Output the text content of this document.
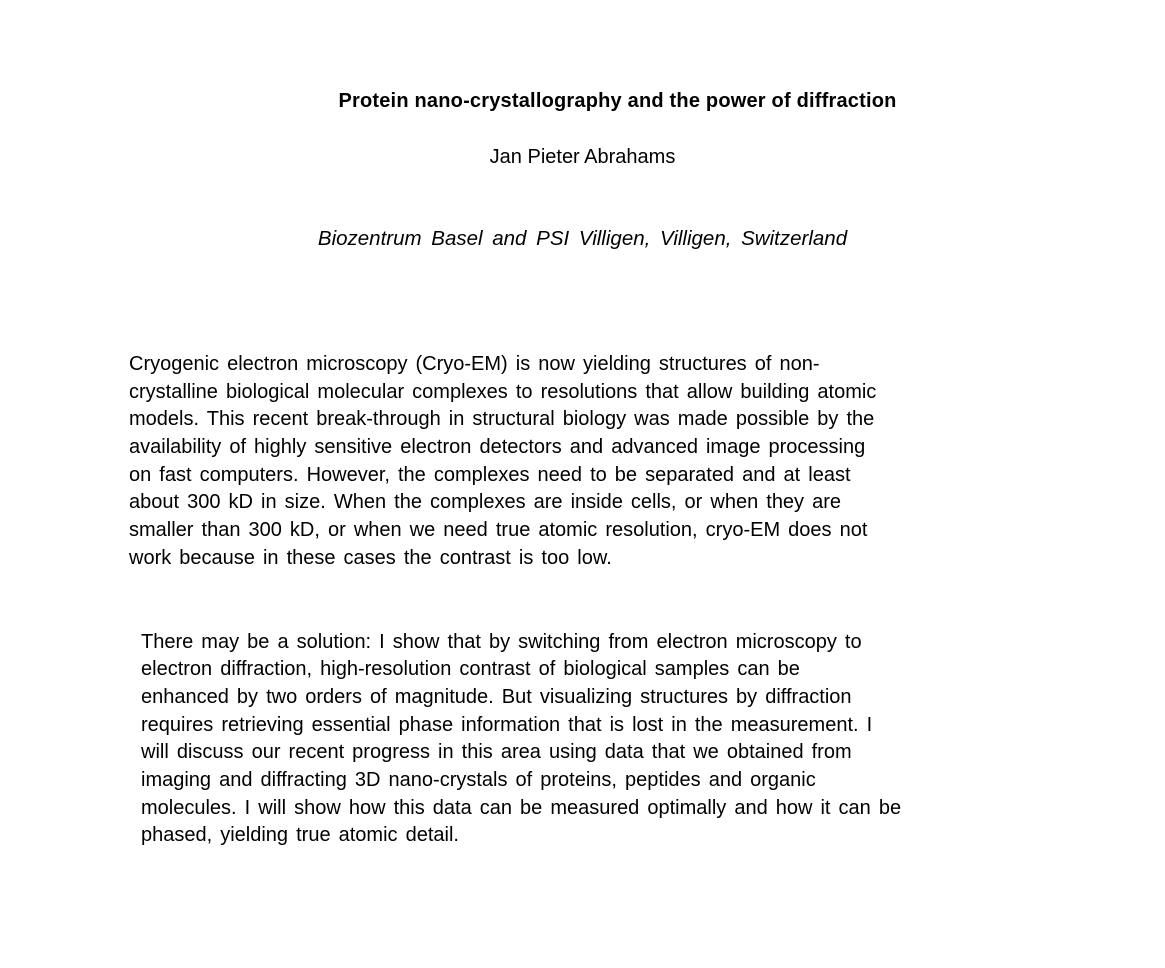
Protein nano-crystallography and the power of diffraction
Jan Pieter Abrahams
Biozentrum Basel and PSI Villigen, Villigen, Switzerland
Cryogenic electron microscopy (Cryo-EM) is now yielding structures of non-
crystalline biological molecular complexes to resolutions that allow building atomic
models. This recent break-through in structural biology was made possible by the
availability of highly sensitive electron detectors and advanced image processing
on fast computers. However, the complexes need to be separated and at least
about 300 kD in size. When the complexes are inside cells, or when they are
smaller than 300 kD, or when we need true atomic resolution, cryo-EM does not
work because in these cases the contrast is too low.
There may be a solution: I show that by switching from electron microscopy to
electron diffraction, high-resolution contrast of biological samples can be
enhanced by two orders of magnitude. But visualizing structures by diffraction
requires retrieving essential phase information that is lost in the measurement. I
will discuss our recent progress in this area using data that we obtained from
imaging and diffracting 3D nano-crystals of proteins, peptides and organic
molecules. I will show how this data can be measured optimally and how it can be
phased, yielding true atomic detail.
